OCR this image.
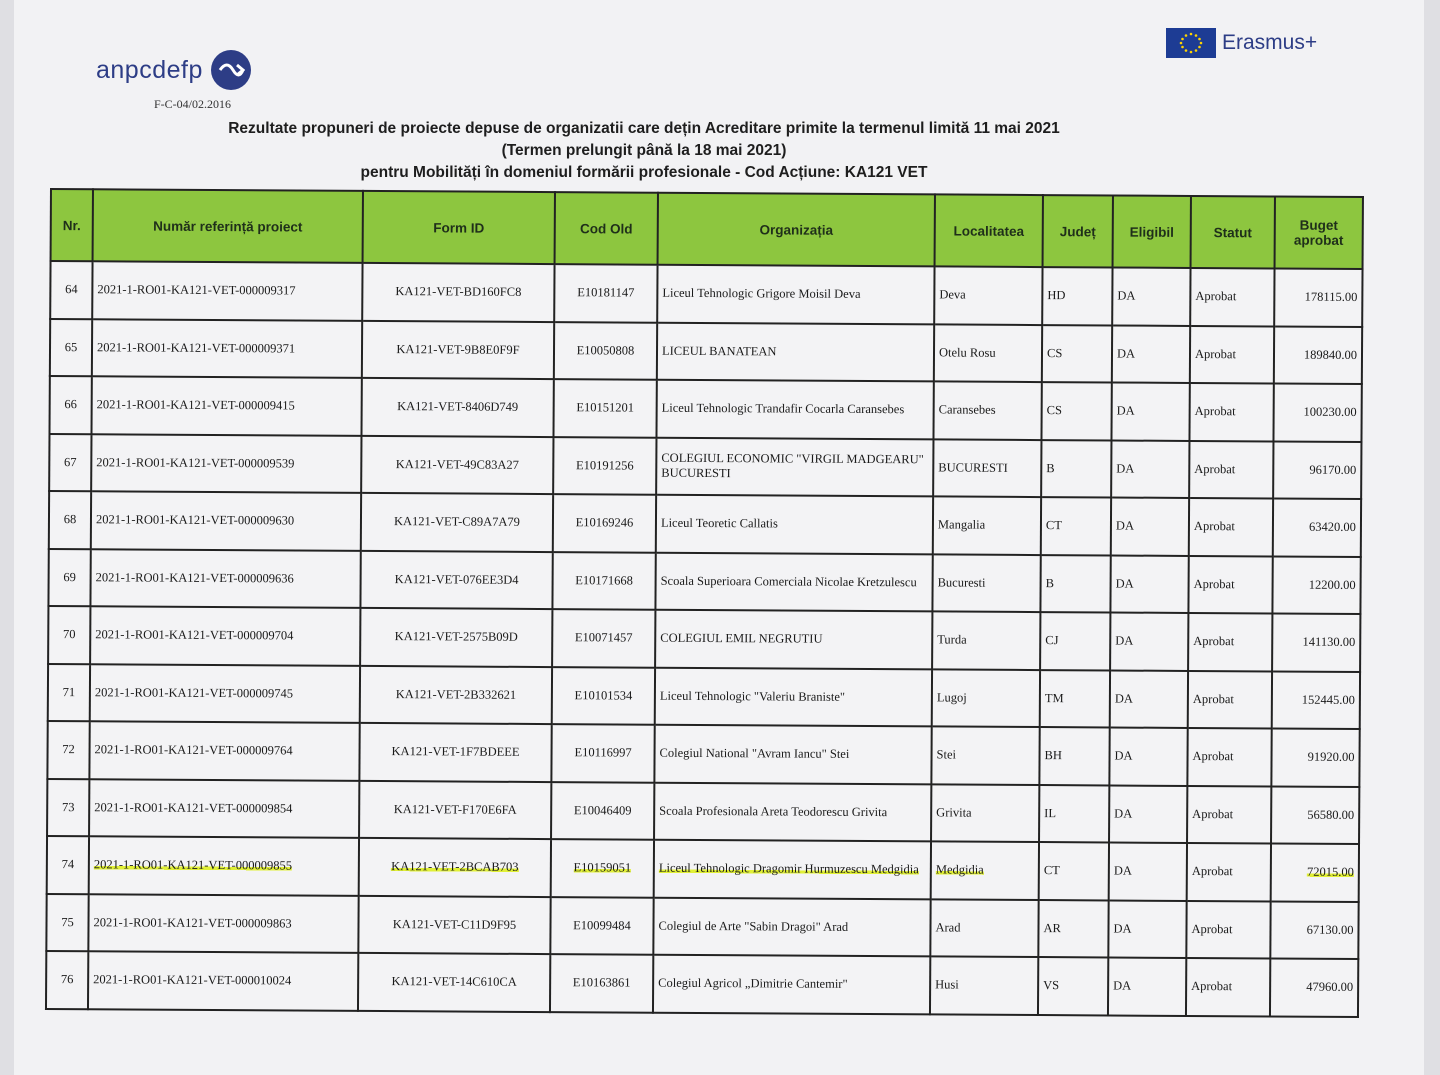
anpcdefp
F-C-04/02.2016
Erasmus+
Rezultate propuneri de proiecte depuse de organizatii care dețin Acreditare primite la termenul limită 11 mai 2021
(Termen prelungit până la 18 mai 2021)
pentru Mobilități în domeniul formării profesionale - Cod Acțiune: KA121 VET
Nr.	Număr referință proiect	Form ID	Cod Old	Organizația	Localitatea	Județ	Eligibil	Statut	Buget aprobat
64	2021-1-RO01-KA121-VET-000009317	KA121-VET-BD160FC8	E10181147	Liceul Tehnologic Grigore Moisil Deva	Deva	HD	DA	Aprobat	178115.00
65	2021-1-RO01-KA121-VET-000009371	KA121-VET-9B8E0F9F	E10050808	LICEUL BANATEAN	Otelu Rosu	CS	DA	Aprobat	189840.00
66	2021-1-RO01-KA121-VET-000009415	KA121-VET-8406D749	E10151201	Liceul Tehnologic Trandafir Cocarla Caransebes	Caransebes	CS	DA	Aprobat	100230.00
67	2021-1-RO01-KA121-VET-000009539	KA121-VET-49C83A27	E10191256	COLEGIUL ECONOMIC "VIRGIL MADGEARU" BUCURESTI	BUCURESTI	B	DA	Aprobat	96170.00
68	2021-1-RO01-KA121-VET-000009630	KA121-VET-C89A7A79	E10169246	Liceul Teoretic Callatis	Mangalia	CT	DA	Aprobat	63420.00
69	2021-1-RO01-KA121-VET-000009636	KA121-VET-076EE3D4	E10171668	Scoala Superioara Comerciala Nicolae Kretzulescu	Bucuresti	B	DA	Aprobat	12200.00
70	2021-1-RO01-KA121-VET-000009704	KA121-VET-2575B09D	E10071457	COLEGIUL EMIL NEGRUTIU	Turda	CJ	DA	Aprobat	141130.00
71	2021-1-RO01-KA121-VET-000009745	KA121-VET-2B332621	E10101534	Liceul Tehnologic "Valeriu Braniste"	Lugoj	TM	DA	Aprobat	152445.00
72	2021-1-RO01-KA121-VET-000009764	KA121-VET-1F7BDEEE	E10116997	Colegiul National "Avram Iancu" Stei	Stei	BH	DA	Aprobat	91920.00
73	2021-1-RO01-KA121-VET-000009854	KA121-VET-F170E6FA	E10046409	Scoala Profesionala Areta Teodorescu Grivita	Grivita	IL	DA	Aprobat	56580.00
74	2021-1-RO01-KA121-VET-000009855	KA121-VET-2BCAB703	E10159051	Liceul Tehnologic Dragomir Hurmuzescu Medgidia	Medgidia	CT	DA	Aprobat	72015.00
75	2021-1-RO01-KA121-VET-000009863	KA121-VET-C11D9F95	E10099484	Colegiul de Arte "Sabin Dragoi" Arad	Arad	AR	DA	Aprobat	67130.00
76	2021-1-RO01-KA121-VET-000010024	KA121-VET-14C610CA	E10163861	Colegiul Agricol „Dimitrie Cantemir"	Husi	VS	DA	Aprobat	47960.00
